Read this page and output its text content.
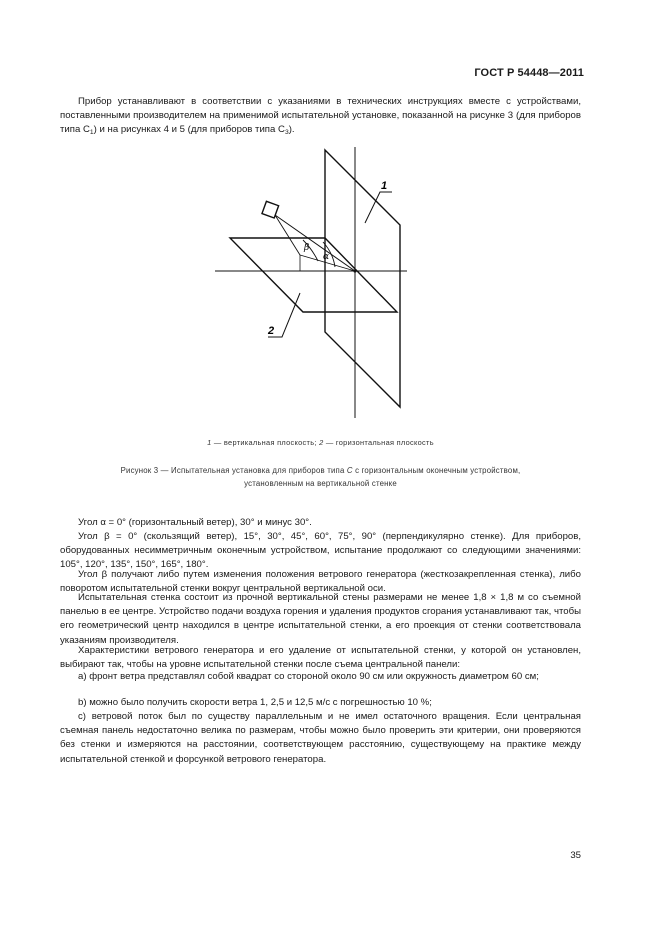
ГОСТ Р 54448—2011

Прибор устанавливают в соответствии с указаниями в технических инструкциях вместе с устройствами, поставленными производителем на применимой испытательной установке, показанной на рисунке 3 (для приборов типа $С_1$) и на рисунках 4 и 5 (для приборов типа $С_3$).

1
2
β
α
1 — вертикальная плоскость; 2 — горизонтальная плоскость
Рисунок 3 — Испытательная установка для приборов типа С с горизонтальным оконечным устройством,
установленным на вертикальной стенке

Угол α = 0° (горизонтальный ветер), 30° и минус 30°.

Угол β = 0° (скользящий ветер), 15°, 30°, 45°, 60°, 75°, 90° (перпендикулярно стенке). Для приборов, оборудованных несимметричным оконечным устройством, испытание продолжают со следующими значениями: 105°, 120°, 135°, 150°, 165°, 180°.

Угол β получают либо путем изменения положения ветрового генератора (жесткозакрепленная стенка), либо поворотом испытательной стенки вокруг центральной вертикальной оси.

Испытательная стенка состоит из прочной вертикальной стены размерами не менее 1,8 × 1,8 м со съемной панелью в ее центре. Устройство подачи воздуха горения и удаления продуктов сгорания устанавливают так, чтобы его геометрический центр находился в центре испытательной стенки, а его проекция от стенки соответствовала указаниям производителя.

Характеристики ветрового генератора и его удаление от испытательной стенки, у которой он установлен, выбирают так, чтобы на уровне испытательной стенки после съема центральной панели:

а) фронт ветра представлял собой квадрат со стороной около 90 см или окружность диаметром 60 см;

b) можно было получить скорости ветра 1, 2,5 и 12,5 м/с с погрешностью 10 %;

c) ветровой поток был по существу параллельным и не имел остаточного вращения. Если центральная съемная панель недостаточно велика по размерам, чтобы можно было проверить эти критерии, они проверяются без стенки и измеряются на расстоянии, соответствующем расстоянию, существующему на практике между испытательной стенкой и форсункой ветрового генератора.

35
